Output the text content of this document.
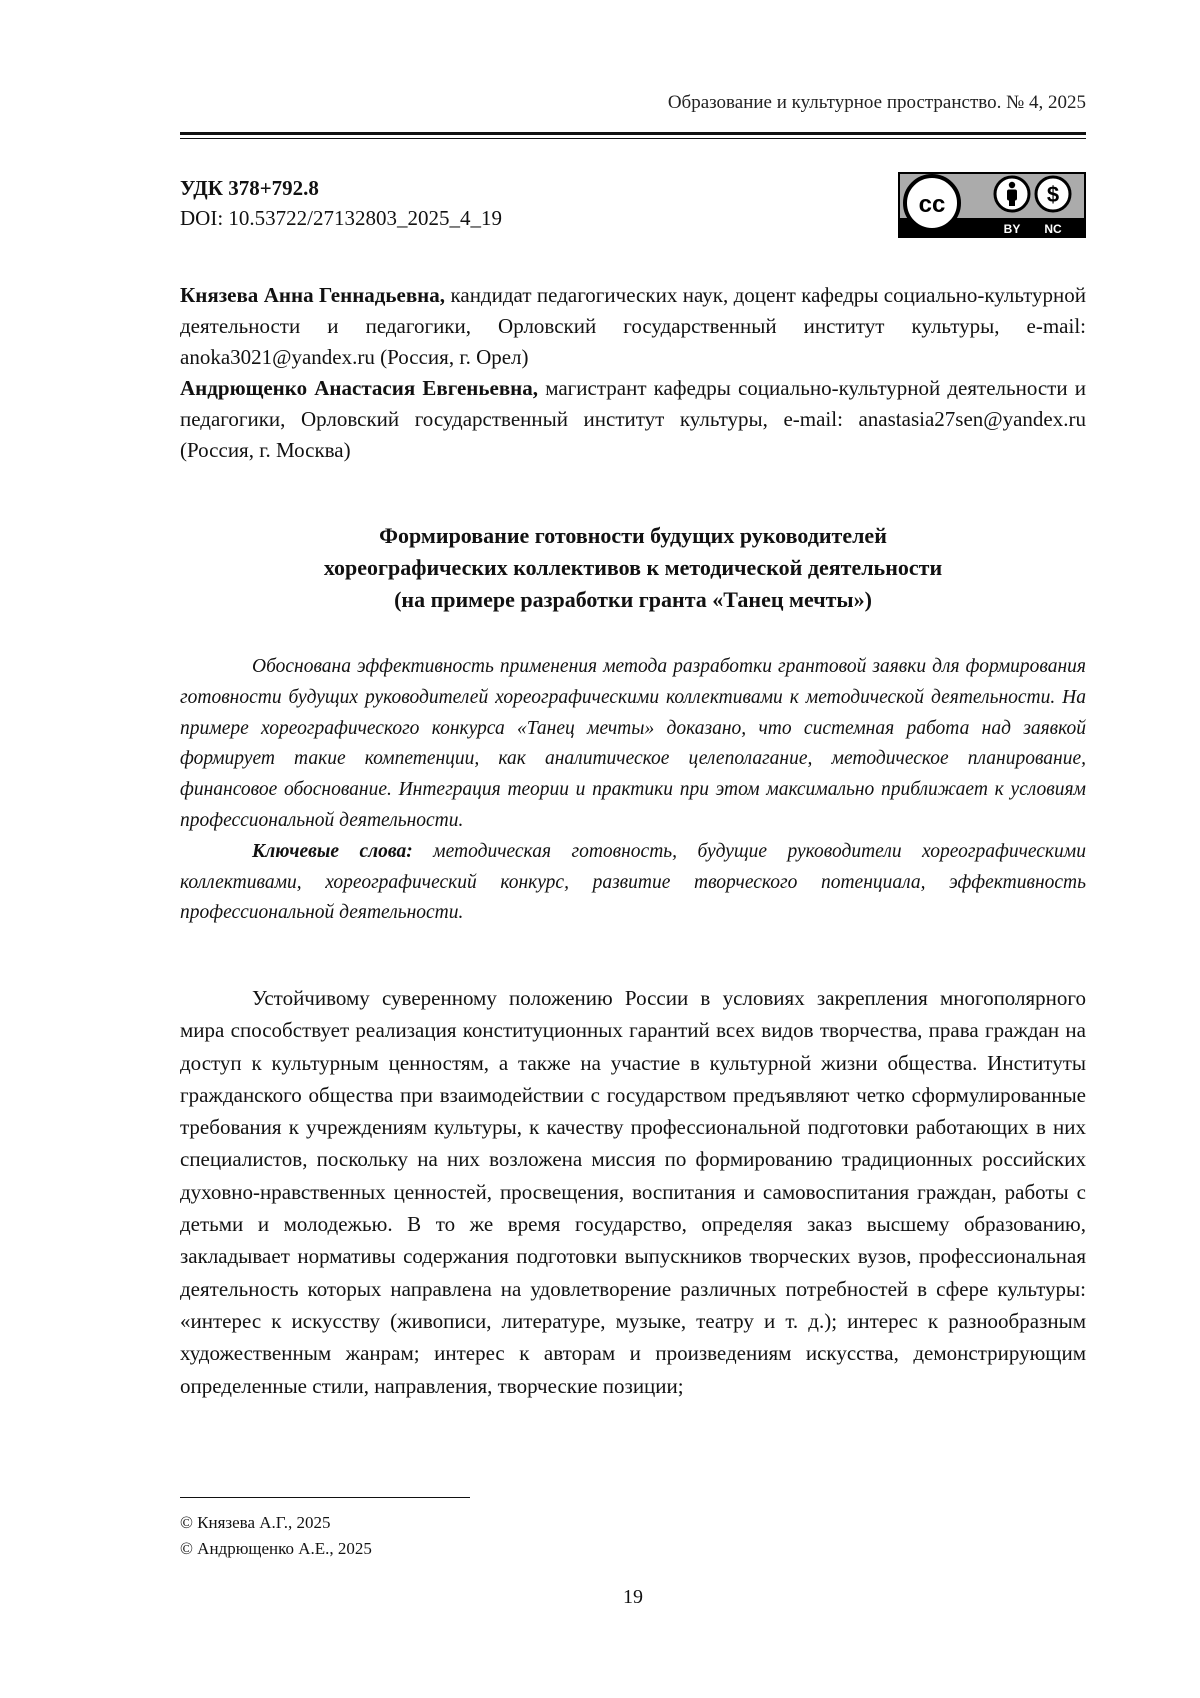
Образование и культурное пространство. № 4, 2025
УДК 378+792.8
DOI: 10.53722/27132803_2025_4_19	cc	$
BY NC

Князева Анна Геннадьевна, кандидат педагогических наук, доцент кафедры социально-культурной деятельности и педагогики, Орловский государственный институт культуры, e-mail: anoka3021@yandex.ru (Россия, г. Орел)

Андрющенко Анастасия Евгеньевна, магистрант кафедры социально-культурной деятельности и педагогики, Орловский государственный институт культуры, e-mail: anastasia27sen@yandex.ru (Россия, г. Москва)

Формирование готовности будущих руководителей
хореографических коллективов к методической деятельности
(на примере разработки гранта «Танец мечты»)

Обоснована эффективность применения метода разработки грантовой заявки для формирования готовности будущих руководителей хореографическими коллективами к методической деятельности. На примере хореографического конкурса «Танец мечты» доказано, что системная работа над заявкой формирует такие компетенции, как аналитическое целеполагание, методическое планирование, финансовое обоснование. Интеграция теории и практики при этом максимально приближает к условиям профессиональной деятельности.

Ключевые слова: методическая готовность, будущие руководители хореографическими коллективами, хореографический конкурс, развитие творческого потенциала, эффективность профессиональной деятельности.

Устойчивому суверенному положению России в условиях закрепления многополярного мира способствует реализация конституционных гарантий всех видов творчества, права граждан на доступ к культурным ценностям, а также на участие в культурной жизни общества. Институты гражданского общества при взаимодействии с государством предъявляют четко сформулированные требования к учреждениям культуры, к качеству профессиональной подготовки работающих в них специалистов, поскольку на них возложена миссия по формированию традиционных российских духовно-нравственных ценностей, просвещения, воспитания и самовоспитания граждан, работы с детьми и молодежью. В то же время государство, определяя заказ высшему образованию, закладывает нормативы содержания подготовки выпускников творческих вузов, профессиональная деятельность которых направлена на удовлетворение различных потребностей в сфере культуры: «интерес к искусству (живописи, литературе, музыке, театру и т. д.); интерес к разнообразным художественным жанрам; интерес к авторам и произведениям искусства, демонстрирующим определенные стили, направления, творческие позиции;

© Князева А.Г., 2025
© Андрющенко А.Е., 2025
19
